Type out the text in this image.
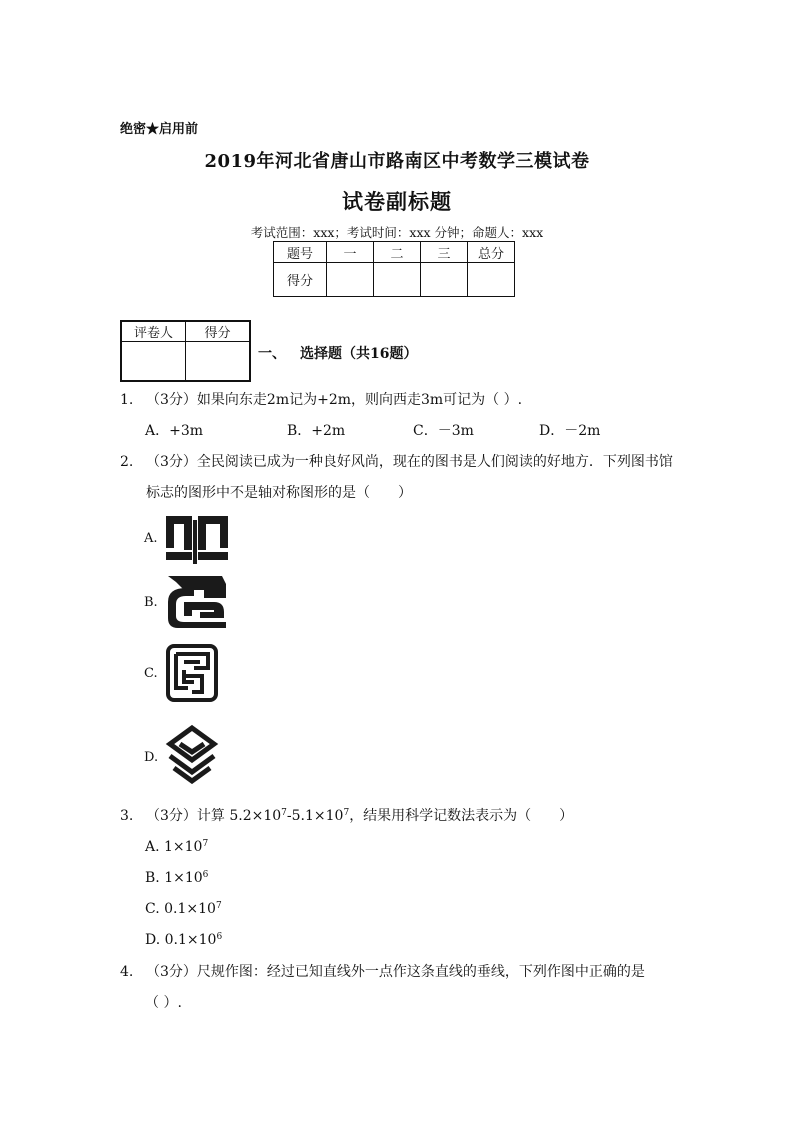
绝密★启用前
2019年河北省唐山市路南区中考数学三模试卷
试卷副标题
考试范围：xxx；考试时间：xxx 分钟；命题人：xxx
题号	一	二	三	总分
得分				
评卷人	得分

一、 选择题（共16题）
1. （3分）如果向东走2m记为+2m，则向西走3m可记为（ ）.
A．+3m	B．+2m	C．－3m	D．－2m
2. （3分）全民阅读已成为一种良好风尚，现在的图书是人们阅读的好地方．下列图书馆
标志的图形中不是轴对称图形的是（　　）
A.
B.
C.
D.
3. （3分）计算 $5.2\times 10^7-5.1\times 10^7$，结果用科学记数法表示为（　　）
A. $1\times 10^7$
B. $1\times 10^6$
C. $0.1\times 10^7$
D. $0.1\times 10^6$
4. （3分）尺规作图：经过已知直线外一点作这条直线的垂线，下列作图中正确的是
（ ）.
